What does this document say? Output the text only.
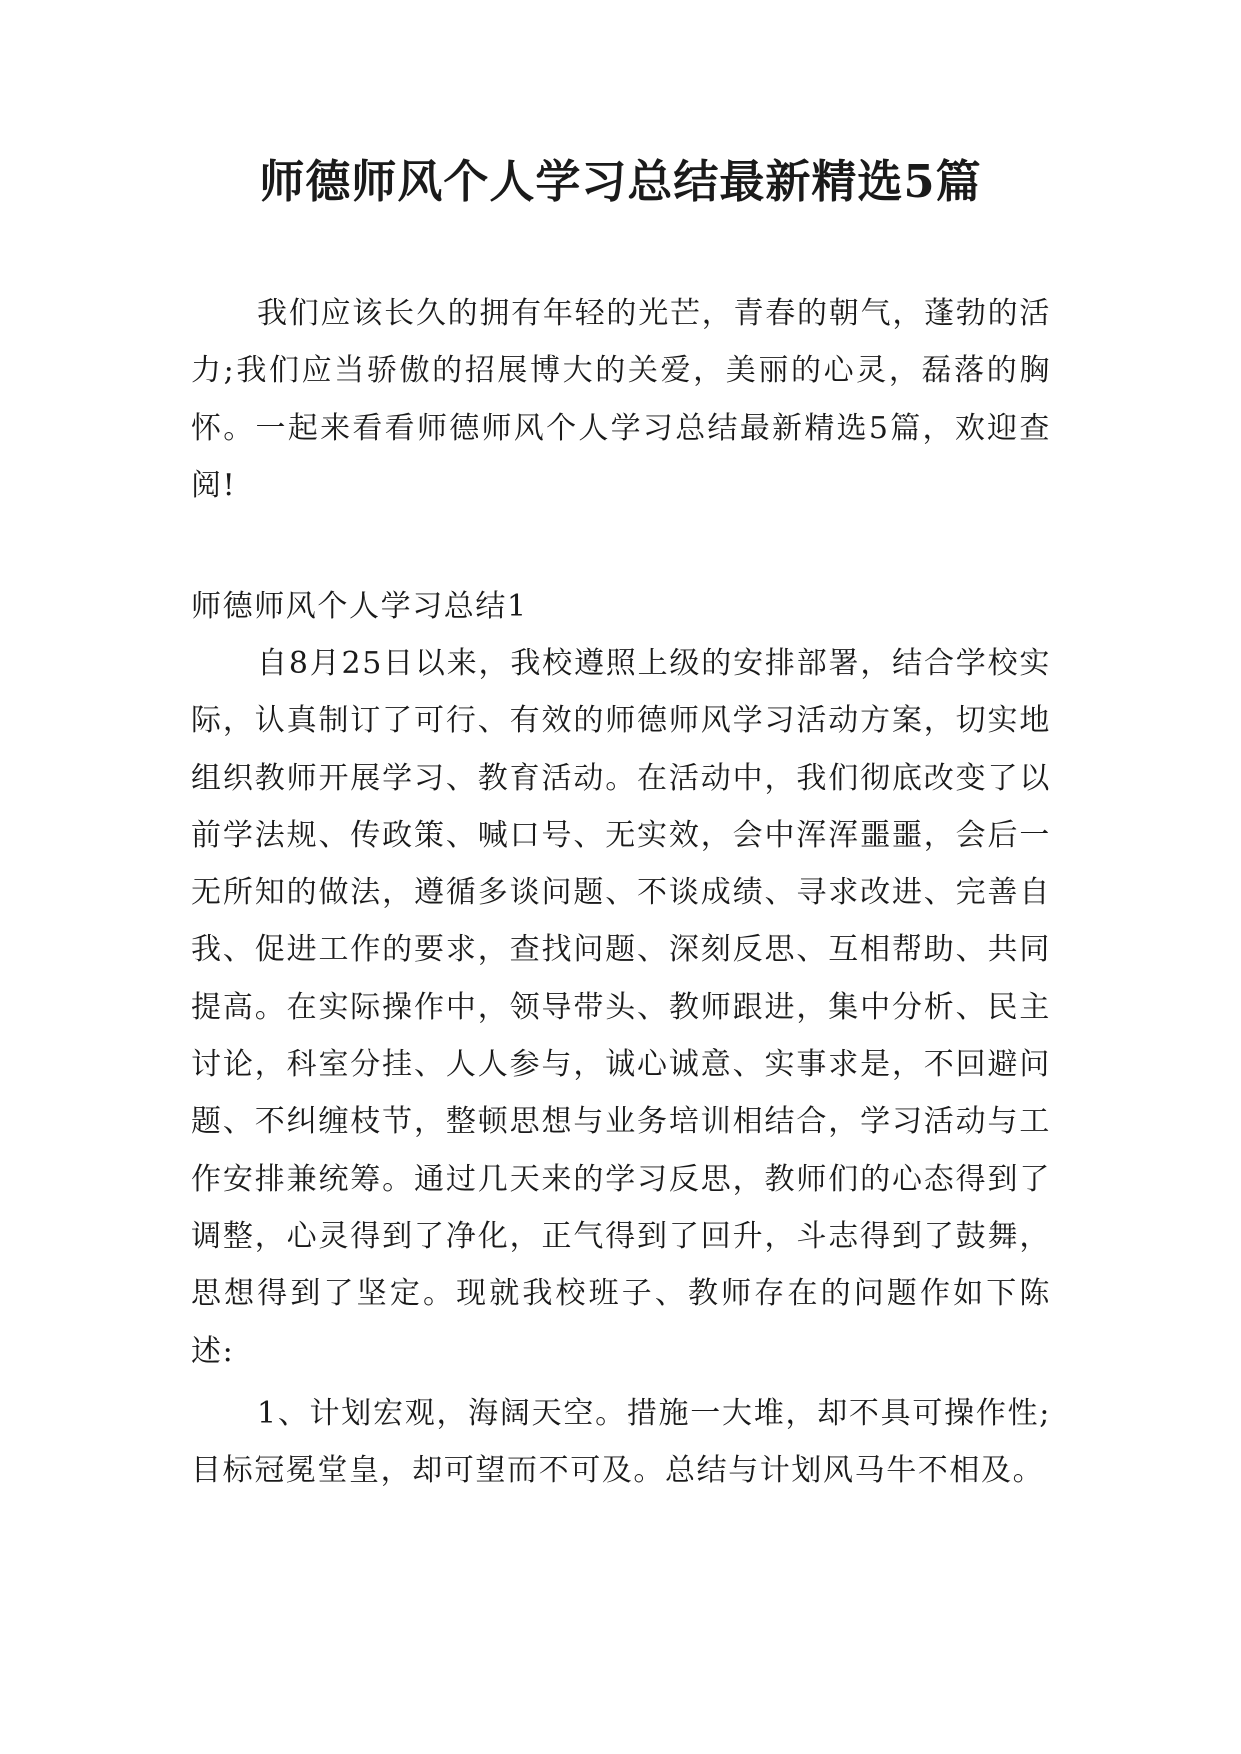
师德师风个人学习总结最新精选5篇

我们应该长久的拥有年轻的光芒，青春的朝气，蓬勃的活力;我们应当骄傲的招展博大的关爱，美丽的心灵，磊落的胸怀。一起来看看师德师风个人学习总结最新精选5篇，欢迎查阅!

师德师风个人学习总结1

自8月25日以来，我校遵照上级的安排部署，结合学校实际，认真制订了可行、有效的师德师风学习活动方案，切实地组织教师开展学习、教育活动。在活动中，我们彻底改变了以前学法规、传政策、喊口号、无实效，会中浑浑噩噩，会后一无所知的做法，遵循多谈问题、不谈成绩、寻求改进、完善自我、促进工作的要求，查找问题、深刻反思、互相帮助、共同提高。在实际操作中，领导带头、教师跟进，集中分析、民主讨论，科室分挂、人人参与，诚心诚意、实事求是，不回避问题、不纠缠枝节，整顿思想与业务培训相结合，学习活动与工作安排兼统筹。通过几天来的学习反思，教师们的心态得到了调整，心灵得到了净化，正气得到了回升，斗志得到了鼓舞，思想得到了坚定。现就我校班子、教师存在的问题作如下陈述:

1、计划宏观，海阔天空。措施一大堆，却不具可操作性;目标冠冕堂皇，却可望而不可及。总结与计划风马牛不相及。
